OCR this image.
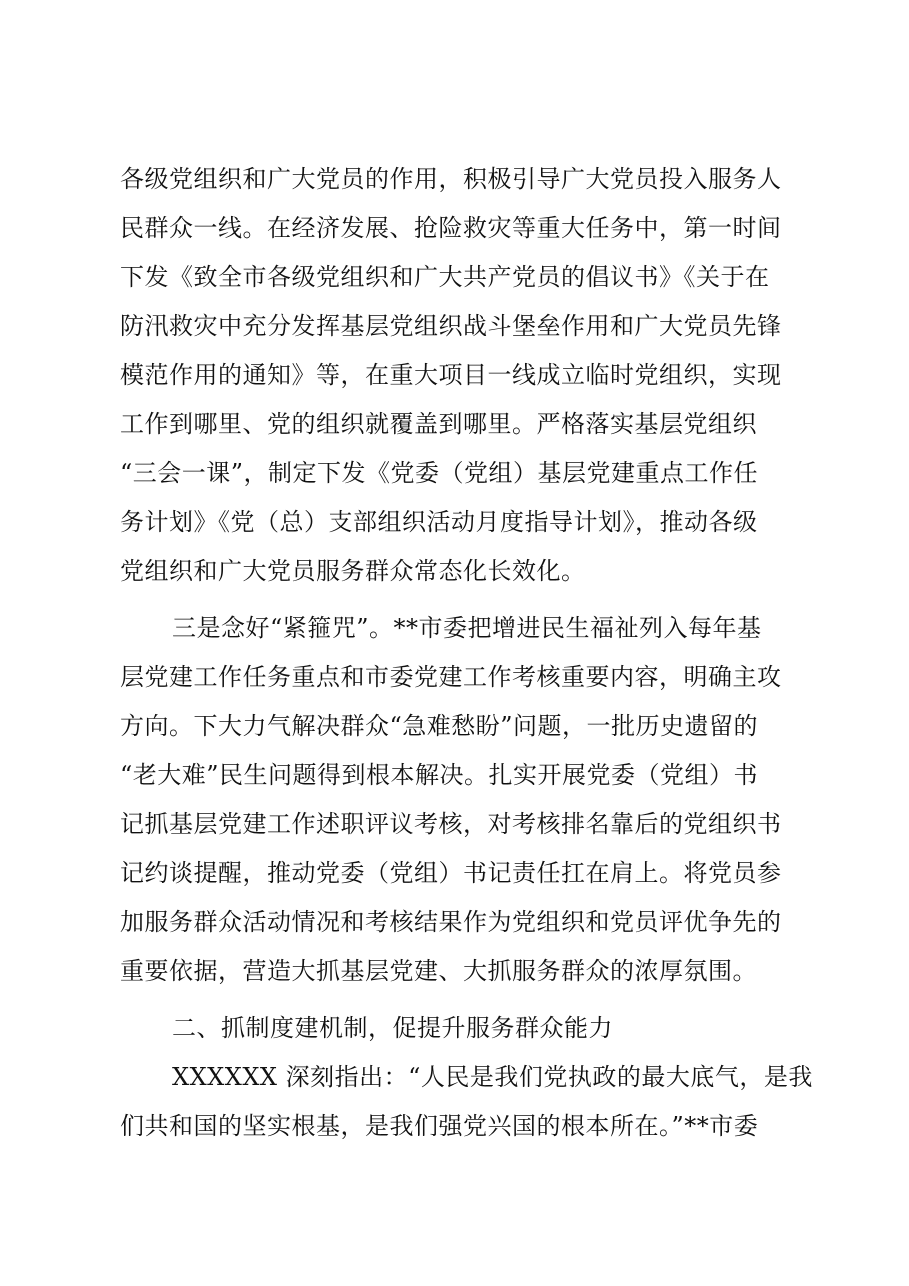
各级党组织和广大党员的作用，积极引导广大党员投入服务人
民群众一线。在经济发展、抢险救灾等重大任务中，第一时间
下发《致全市各级党组织和广大共产党员的倡议书》《关于在
防汛救灾中充分发挥基层党组织战斗堡垒作用和广大党员先锋
模范作用的通知》等，在重大项目一线成立临时党组织，实现
工作到哪里、党的组织就覆盖到哪里。严格落实基层党组织
“三会一课”，制定下发《党委（党组）基层党建重点工作任
务计划》《党（总）支部组织活动月度指导计划》，推动各级
党组织和广大党员服务群众常态化长效化。
三是念好“紧箍咒”。**市委把增进民生福祉列入每年基
层党建工作任务重点和市委党建工作考核重要内容，明确主攻
方向。下大力气解决群众“急难愁盼”问题，一批历史遗留的
“老大难”民生问题得到根本解决。扎实开展党委（党组）书
记抓基层党建工作述职评议考核，对考核排名靠后的党组织书
记约谈提醒，推动党委（党组）书记责任扛在肩上。将党员参
加服务群众活动情况和考核结果作为党组织和党员评优争先的
重要依据，营造大抓基层党建、大抓服务群众的浓厚氛围。
二、抓制度建机制，促提升服务群众能力
XXXXXX 深刻指出：“人民是我们党执政的最大底气，是我
们共和国的坚实根基，是我们强党兴国的根本所在。”**市委
